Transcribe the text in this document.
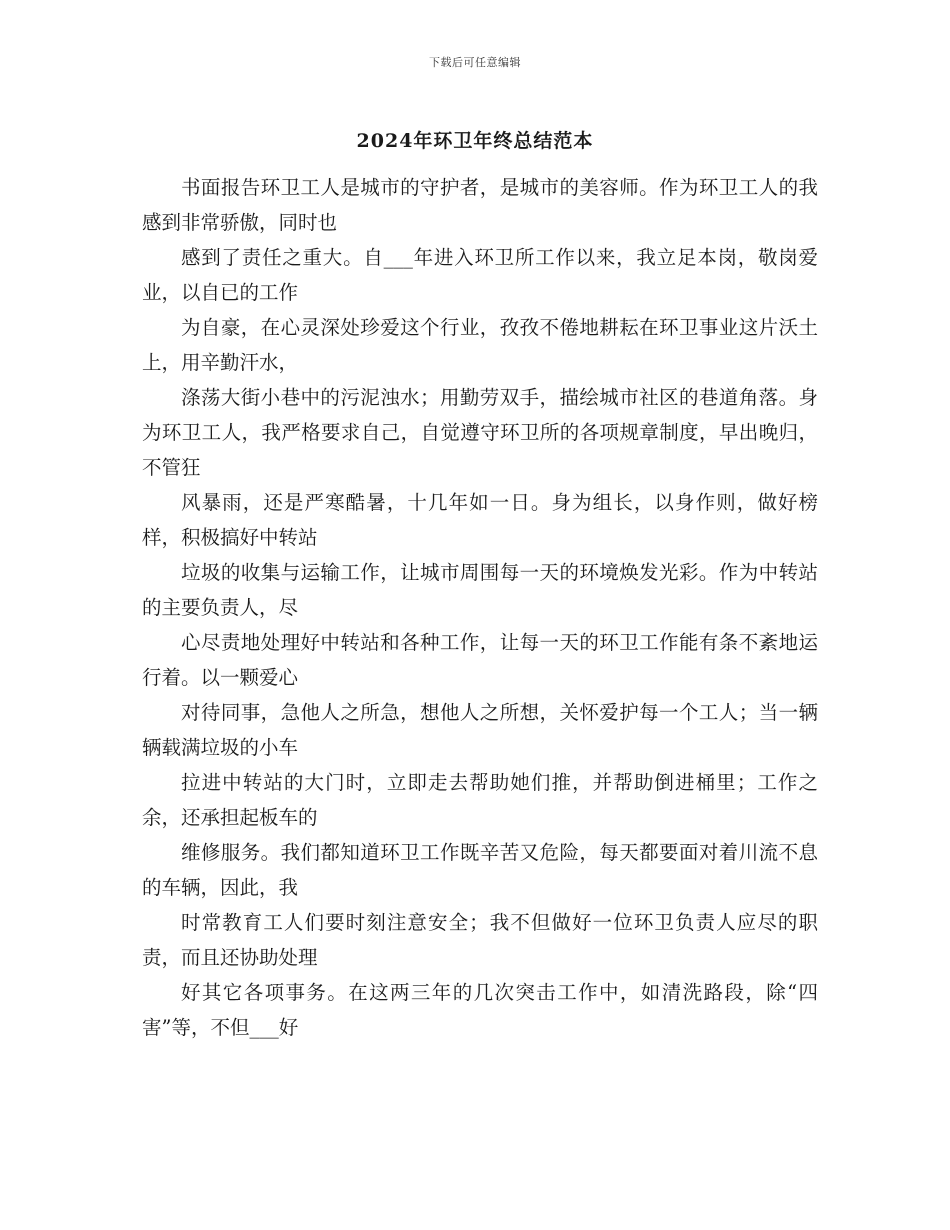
下载后可任意编辑
2024年环卫年终总结范本

书面报告环卫工人是城市的守护者，是城市的美容师。作为环卫工人的我感到非常骄傲，同时也

感到了责任之重大。自___年进入环卫所工作以来，我立足本岗，敬岗爱业，以自已的工作

为自豪，在心灵深处珍爱这个行业，孜孜不倦地耕耘在环卫事业这片沃土上，用辛勤汗水，

涤荡大街小巷中的污泥浊水；用勤劳双手，描绘城市社区的巷道角落。身为环卫工人，我严格要求自己，自觉遵守环卫所的各项规章制度，早出晚归，不管狂

风暴雨，还是严寒酷暑，十几年如一日。身为组长，以身作则，做好榜样，积极搞好中转站

垃圾的收集与运输工作，让城市周围每一天的环境焕发光彩。作为中转站的主要负责人，尽

心尽责地处理好中转站和各种工作，让每一天的环卫工作能有条不紊地运行着。以一颗爱心

对待同事，急他人之所急，想他人之所想，关怀爱护每一个工人；当一辆辆载满垃圾的小车

拉进中转站的大门时，立即走去帮助她们推，并帮助倒进桶里；工作之余，还承担起板车的

维修服务。我们都知道环卫工作既辛苦又危险，每天都要面对着川流不息的车辆，因此，我

时常教育工人们要时刻注意安全；我不但做好一位环卫负责人应尽的职责，而且还协助处理

好其它各项事务。在这两三年的几次突击工作中，如清洗路段，除“四害”等，不但___好
